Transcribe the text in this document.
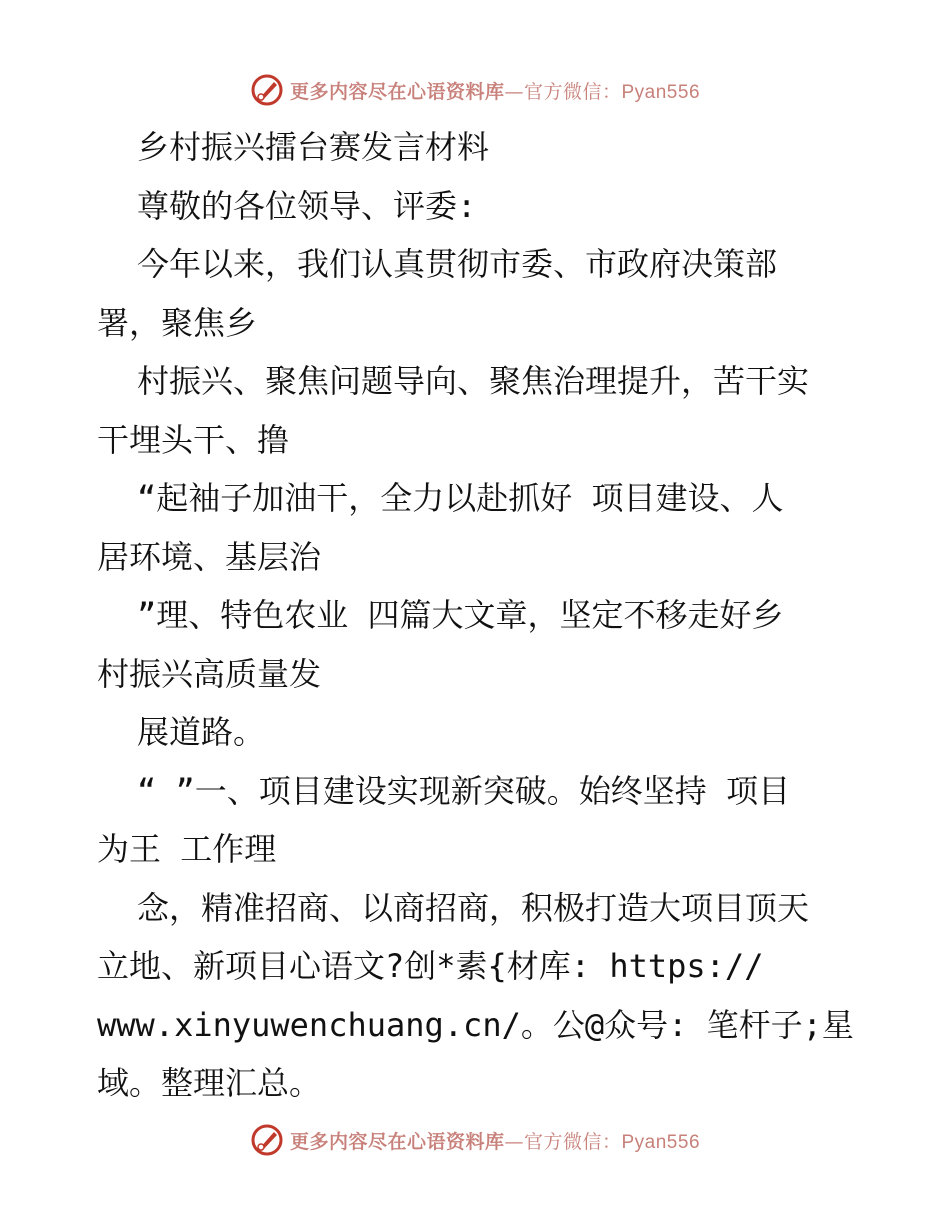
更多内容尽在心语资料库—官方微信：Pyan556
乡村振兴擂台赛发言材料
尊敬的各位领导、评委:
今年以来，我们认真贯彻市委、市政府决策部
署，聚焦乡
村振兴、聚焦问题导向、聚焦治理提升，苦干实
干埋头干、撸
“起袖子加油干，全力以赴抓好 项目建设、人
居环境、基层治
”理、特色农业 四篇大文章，坚定不移走好乡
村振兴高质量发
展道路。
“ ”一、项目建设实现新突破。始终坚持 项目
为王 工作理
念，精准招商、以商招商，积极打造大项目顶天
立地、新项目心语文?创*素{材库: https://
www.xinyuwenchuang.cn/。公@众号: 笔杆子;星
域。整理汇总。
更多内容尽在心语资料库—官方微信：Pyan556
